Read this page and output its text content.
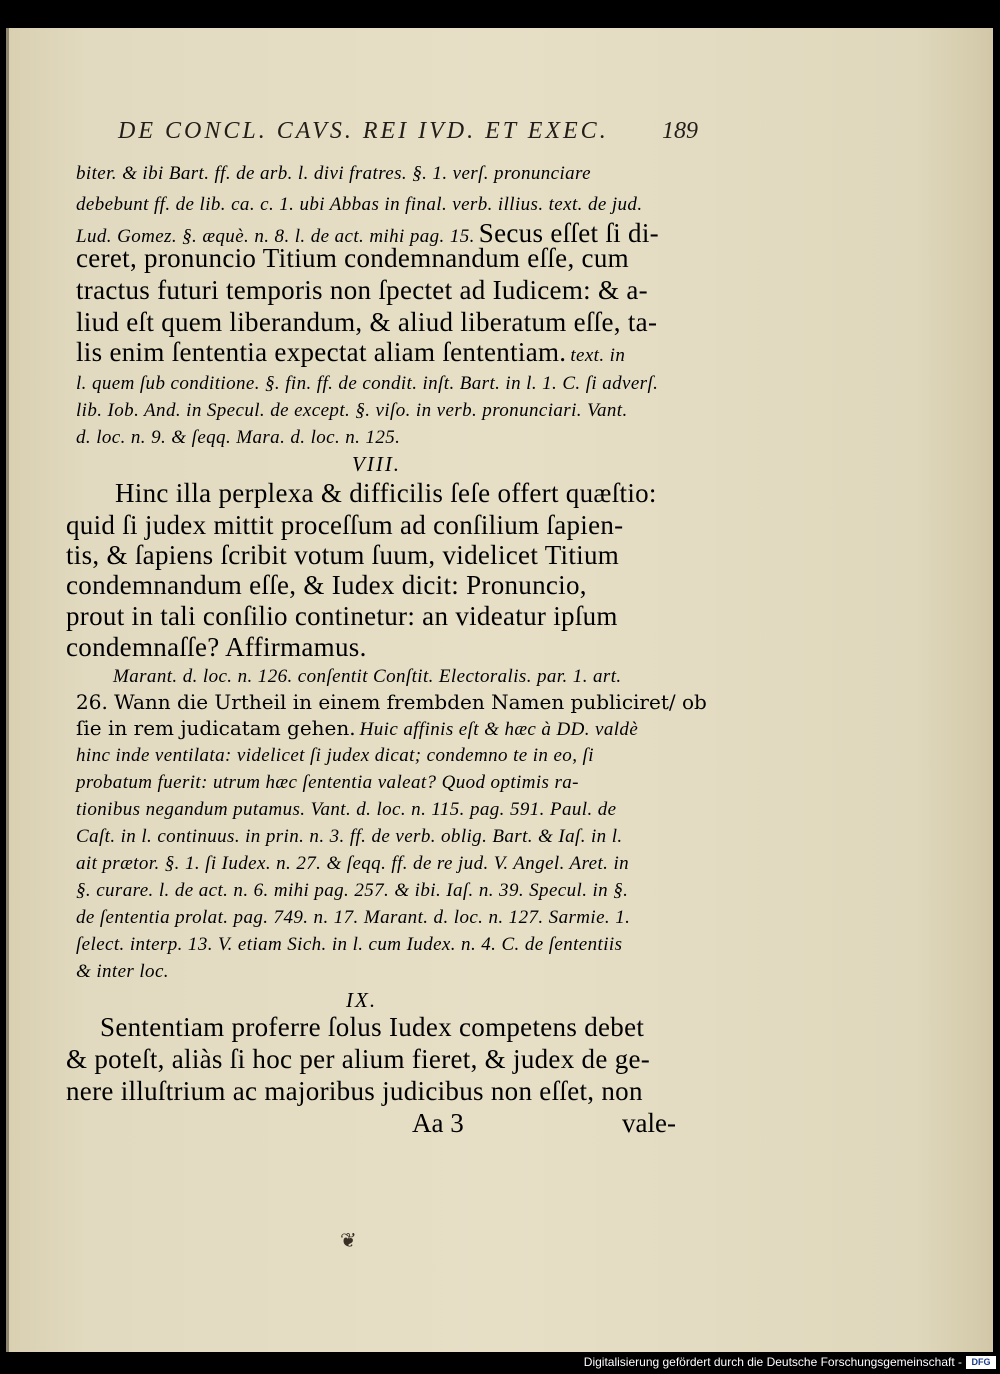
DE CONCL. CAVS. REI IVD. ET EXEC. 189
biter. & ibi Bart. ff. de arb. l. divi fratres. §. 1. verſ. pronunciare
debebunt ff. de lib. ca. c. 1. ubi Abbas in final. verb. illius. text. de jud.
Lud. Gomez. §. æquè. n. 8. l. de act. mihi pag. 15. Secus eſſet ſi di-
ceret, pronuncio Titium condemnandum eſſe, cum
tractus futuri temporis non ſpectet ad Iudicem: & a-
liud eſt quem liberandum, & aliud liberatum eſſe, ta-
lis enim ſententia expectat aliam ſententiam. text. in
l. quem ſub conditione. §. fin. ff. de condit. inſt. Bart. in l. 1. C. ſi adverſ.
lib. Iob. And. in Specul. de except. §. viſo. in verb. pronunciari. Vant.
d. loc. n. 9. & ſeqq. Mara. d. loc. n. 125.
VIII.
Hinc illa perplexa & difficilis ſeſe offert quæſtio:
quid ſi judex mittit proceſſum ad conſilium ſapien-
tis, & ſapiens ſcribit votum ſuum, videlicet Titium
condemnandum eſſe, & Iudex dicit: Pronuncio,
prout in tali conſilio continetur: an videatur ipſum
condemnaſſe? Affirmamus.
Marant. d. loc. n. 126. conſentit Conſtit. Electoralis. par. 1. art.
26. Wann die Urtheil in einem frembden Namen publiciret/ ob
ſie in rem judicatam gehen. Huic affinis eſt & hæc à DD. valdè
hinc inde ventilata: videlicet ſi judex dicat; condemno te in eo, ſi
probatum fuerit: utrum hæc ſententia valeat? Quod optimis ra-
tionibus negandum putamus. Vant. d. loc. n. 115. pag. 591. Paul. de
Caſt. in l. continuus. in prin. n. 3. ff. de verb. oblig. Bart. & Iaſ. in l.
ait prætor. §. 1. ſi Iudex. n. 27. & ſeqq. ff. de re jud. V. Angel. Aret. in
§. curare. l. de act. n. 6. mihi pag. 257. & ibi. Iaſ. n. 39. Specul. in §.
de ſententia prolat. pag. 749. n. 17. Marant. d. loc. n. 127. Sarmie. 1.
ſelect. interp. 13. V. etiam Sich. in l. cum Iudex. n. 4. C. de ſententiis
& inter loc.
IX.
Sententiam proferre ſolus Iudex competens debet
& poteſt, aliàs ſi hoc per alium fieret, & judex de ge-
nere illuſtrium ac majoribus judicibus non eſſet, non
Aa 3	vale-
❦
Digitalisierung gefördert durch die Deutsche Forschungsgemeinschaft -	DFG
